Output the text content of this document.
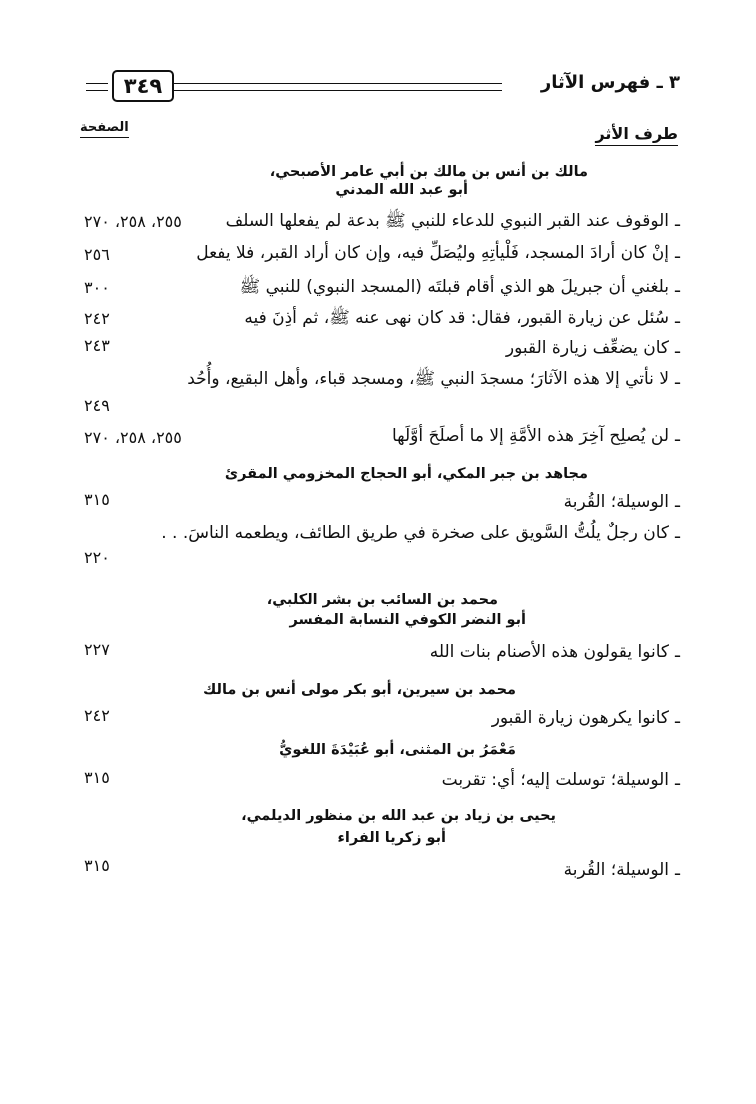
٣ ـ فهرس الآثار
٣٤٩
طرف الأثر
الصفحة
مالك بن أنس بن مالك بن أبي عامر الأصبحي،
أبو عبد الله المدني
ـالوقوف عند القبر النبوي للدعاء للنبي ﷺ بدعة لم يفعلها السلف
٢٥٥، ٢٥٨، ٢٧٠
ـإنْ كان أرادَ المسجد، فَلْيأتِهِ وليُصَلِّ فيه، وإن كان أراد القبر، فلا يفعل
٢٥٦
ـبلغني أن جبريلَ هو الذي أقام قبلتَه (المسجد النبوي) للنبي ﷺ
٣٠٠
ـسُئل عن زيارة القبور، فقال: قد كان نهى عنه ﷺ، ثم أذِنَ فيه
٢٤٢
ـكان يضعِّف زيارة القبور
٢٤٣
ـلا نأتي إلا هذه الآثارَ؛ مسجدَ النبي ﷺ، ومسجد قباء، وأهل البقيع، وأُحُد
٢٤٩
ـلن يُصلِح آخِرَ هذه الأمَّةِ إلا ما أصلَحَ أوَّلَها
٢٥٥، ٢٥٨، ٢٧٠
مجاهد بن جبر المكي، أبو الحجاج المخزومي المقرئ
ـالوسيلة؛ القُربة
٣١٥
ـكان رجلٌ يلُتُّ السَّويق على صخرة في طريق الطائف، ويطعمه الناسَ. . .
٢٢٠
محمد بن السائب بن بشر الكلبي،
أبو النضر الكوفي النسابة المفسر
ـكانوا يقولون هذه الأصنام بنات الله
٢٢٧
محمد بن سيرين، أبو بكر مولى أنس بن مالك
ـكانوا يكرهون زيارة القبور
٢٤٢
مَعْمَرُ بن المثنى، أبو عُبَيْدَةَ اللغويُّ
ـالوسيلة؛ توسلت إليه؛ أي: تقربت
٣١٥
يحيى بن زياد بن عبد الله بن منظور الديلمي،
أبو زكريا الفراء
ـالوسيلة؛ القُربة
٣١٥
